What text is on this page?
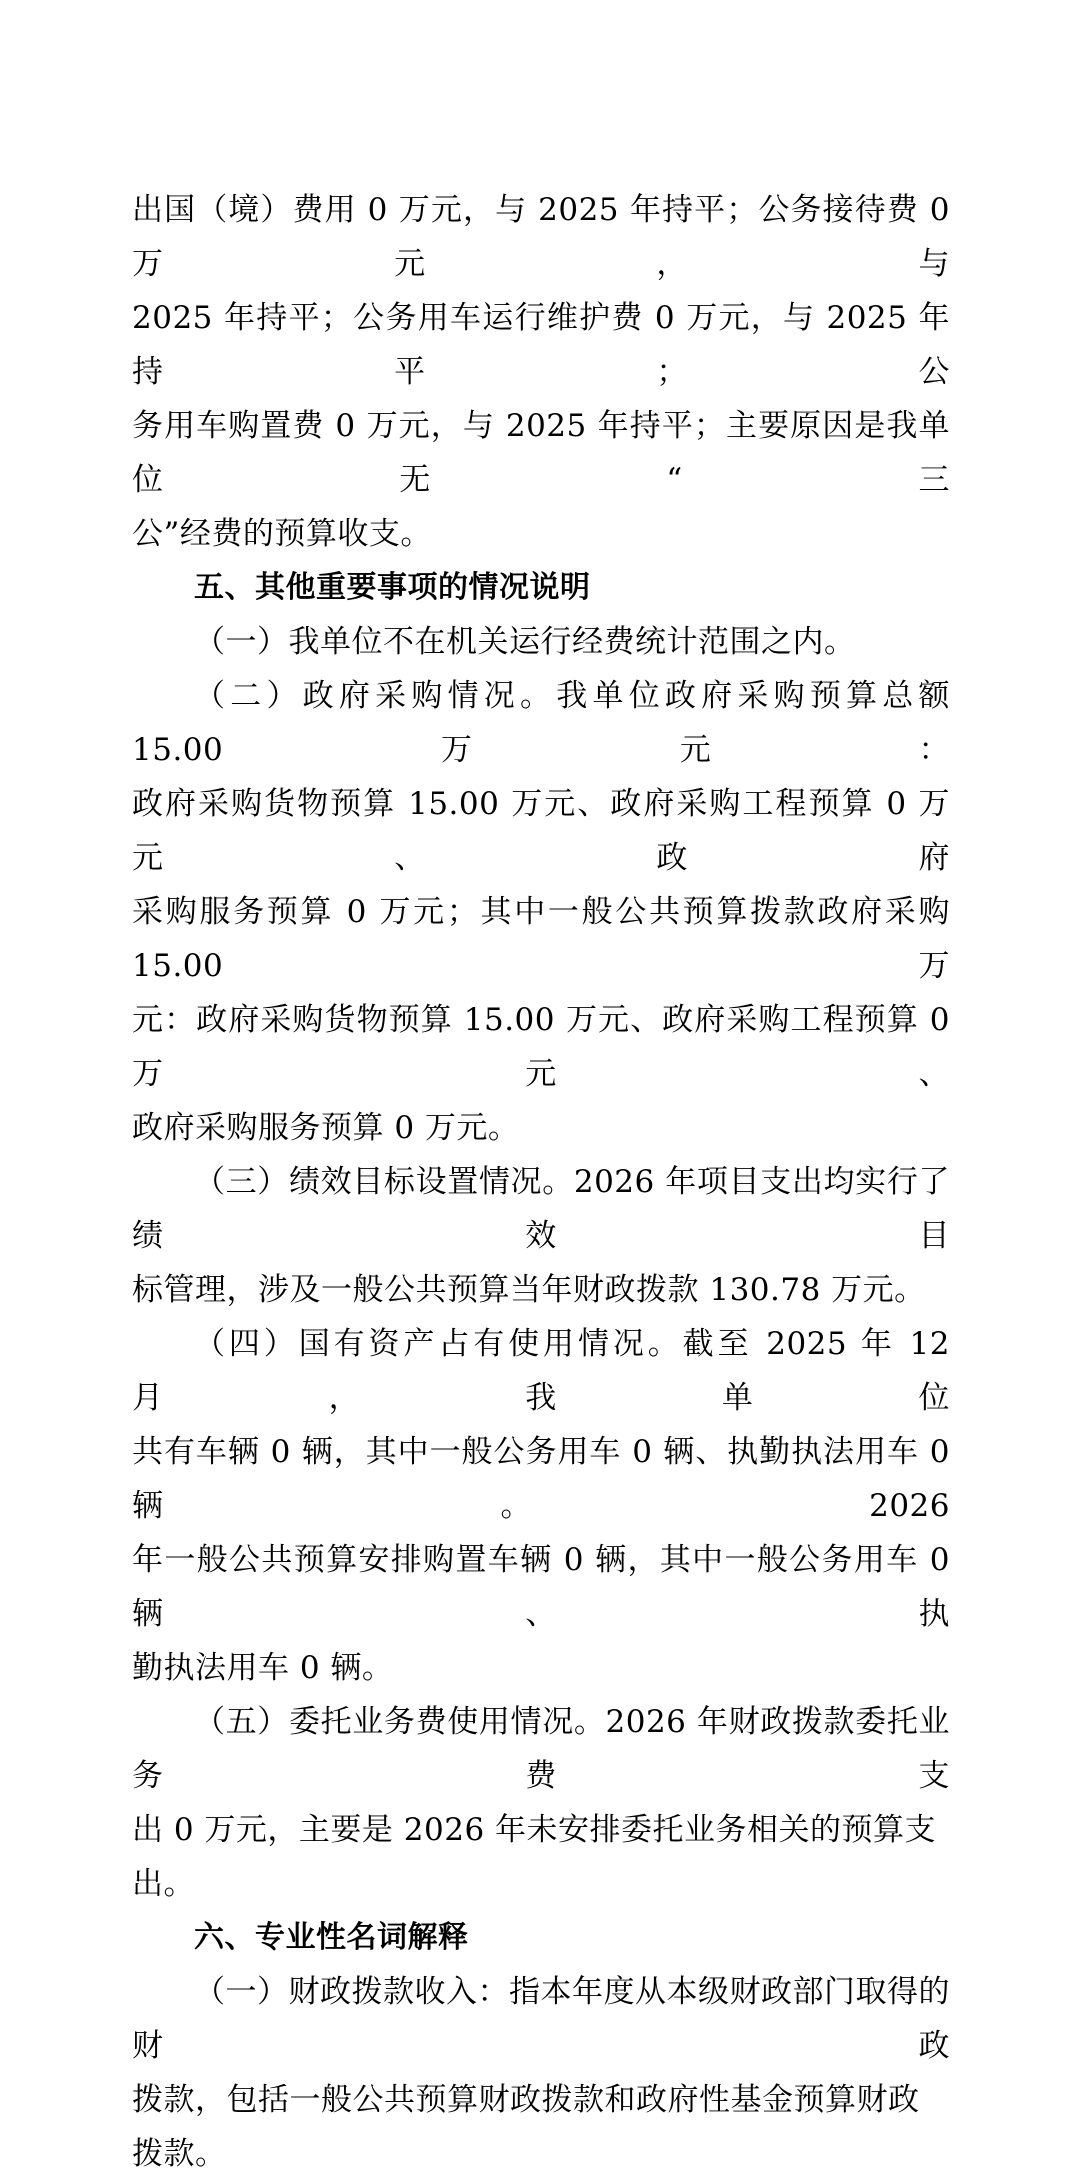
出国（境）费用 0 万元，与 2025 年持平；公务接待费 0 万元，与
2025 年持平；公务用车运行维护费 0 万元，与 2025 年持平；公
务用车购置费 0 万元，与 2025 年持平；主要原因是我单位无“三
公”经费的预算收支。
五、其他重要事项的情况说明
（一）我单位不在机关运行经费统计范围之内。
（二）政府采购情况。我单位政府采购预算总额 15.00 万元：
政府采购货物预算 15.00 万元、政府采购工程预算 0 万元、政府
采购服务预算 0 万元；其中一般公共预算拨款政府采购 15.00 万
元：政府采购货物预算 15.00 万元、政府采购工程预算 0 万元、
政府采购服务预算 0 万元。
（三）绩效目标设置情况。2026 年项目支出均实行了绩效目
标管理，涉及一般公共预算当年财政拨款 130.78 万元。
（四）国有资产占有使用情况。截至 2025 年 12 月，我单位
共有车辆 0 辆，其中一般公务用车 0 辆、执勤执法用车 0 辆。2026
年一般公共预算安排购置车辆 0 辆，其中一般公务用车 0 辆、执
勤执法用车 0 辆。
（五）委托业务费使用情况。2026 年财政拨款委托业务费支
出 0 万元，主要是 2026 年未安排委托业务相关的预算支出。
六、专业性名词解释
（一）财政拨款收入：指本年度从本级财政部门取得的财政
拨款，包括一般公共预算财政拨款和政府性基金预算财政拨款。
